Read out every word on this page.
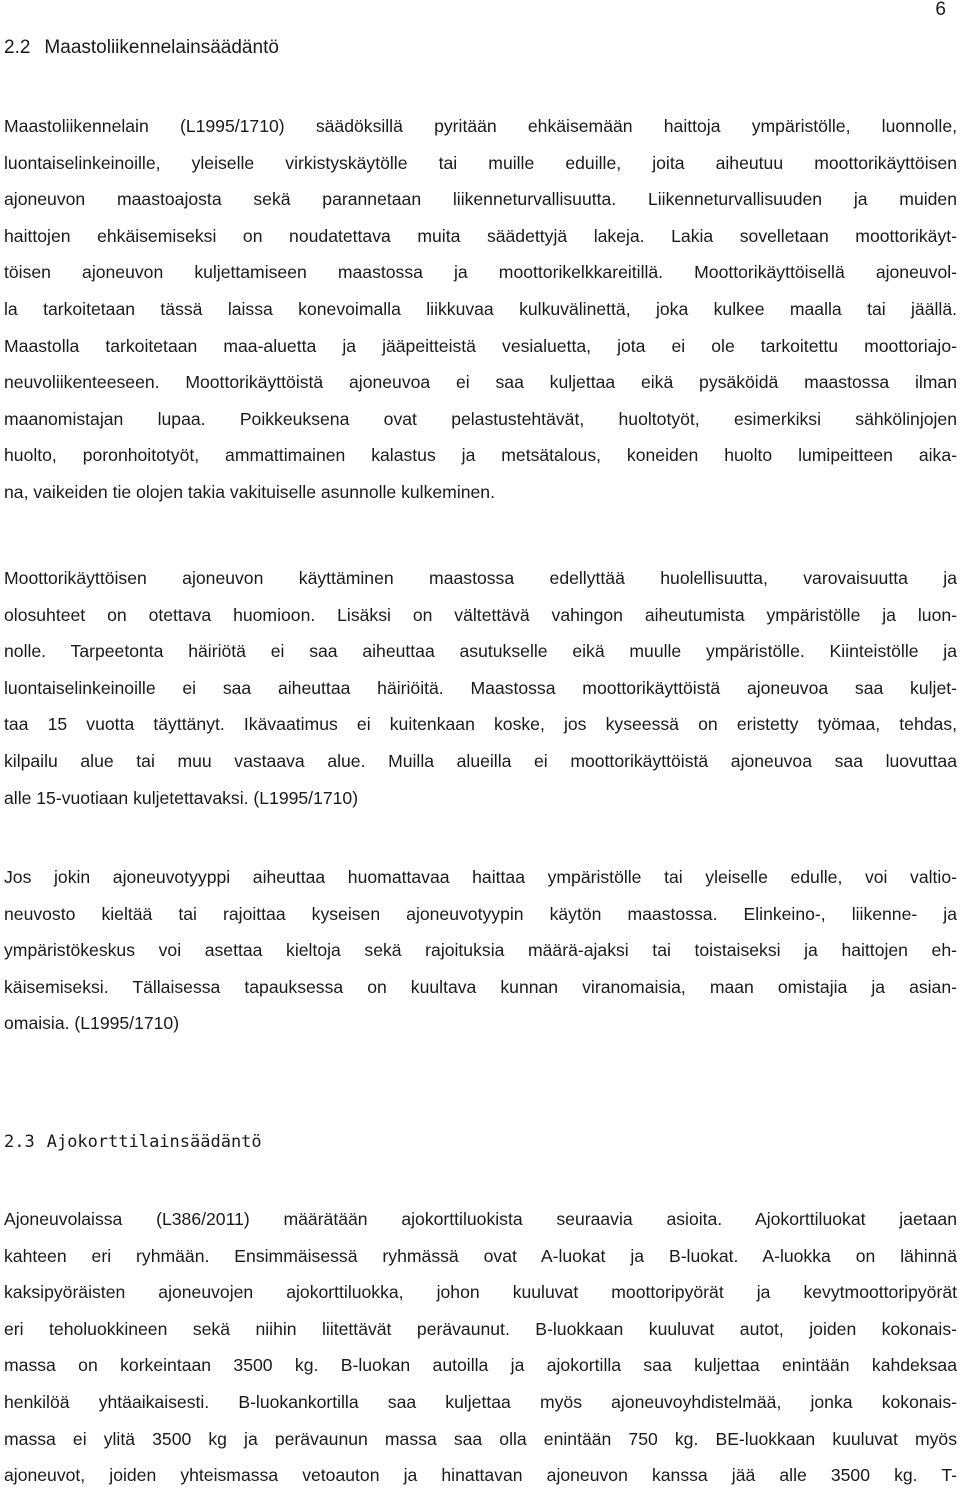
6
2.2 Maastoliikennelainsäädäntö
Maastoliikennelain (L1995/1710) säädöksillä pyritään ehkäisemään haittoja ympäristölle, luonnolle,
luontaiselinkeinoille, yleiselle virkistyskäytölle tai muille eduille, joita aiheutuu moottorikäyttöisen
ajoneuvon maastoajosta sekä parannetaan liikenneturvallisuutta. Liikenneturvallisuuden ja muiden
haittojen ehkäisemiseksi on noudatettava muita säädettyjä lakeja. Lakia sovelletaan moottorikäyt-
töisen ajoneuvon kuljettamiseen maastossa ja moottorikelkkareitillä. Moottorikäyttöisellä ajoneuvol-
la tarkoitetaan tässä laissa konevoimalla liikkuvaa kulkuvälinettä, joka kulkee maalla tai jäällä.
Maastolla tarkoitetaan maa-aluetta ja jääpeitteistä vesialuetta, jota ei ole tarkoitettu moottoriajo-
neuvoliikenteeseen. Moottorikäyttöistä ajoneuvoa ei saa kuljettaa eikä pysäköidä maastossa ilman
maanomistajan lupaa. Poikkeuksena ovat pelastustehtävät, huoltotyöt, esimerkiksi sähkölinjojen
huolto, poronhoitotyöt, ammattimainen kalastus ja metsätalous, koneiden huolto lumipeitteen aika-
na, vaikeiden tie olojen takia vakituiselle asunnolle kulkeminen.
Moottorikäyttöisen ajoneuvon käyttäminen maastossa edellyttää huolellisuutta, varovaisuutta ja
olosuhteet on otettava huomioon. Lisäksi on vältettävä vahingon aiheutumista ympäristölle ja luon-
nolle. Tarpeetonta häiriötä ei saa aiheuttaa asutukselle eikä muulle ympäristölle. Kiinteistölle ja
luontaiselinkeinoille ei saa aiheuttaa häiriöitä. Maastossa moottorikäyttöistä ajoneuvoa saa kuljet-
taa 15 vuotta täyttänyt. Ikävaatimus ei kuitenkaan koske, jos kyseessä on eristetty työmaa, tehdas,
kilpailu alue tai muu vastaava alue. Muilla alueilla ei moottorikäyttöistä ajoneuvoa saa luovuttaa
alle 15-vuotiaan kuljetettavaksi. (L1995/1710)
Jos jokin ajoneuvotyyppi aiheuttaa huomattavaa haittaa ympäristölle tai yleiselle edulle, voi valtio-
neuvosto kieltää tai rajoittaa kyseisen ajoneuvotyypin käytön maastossa. Elinkeino-, liikenne- ja
ympäristökeskus voi asettaa kieltoja sekä rajoituksia määrä-ajaksi tai toistaiseksi ja haittojen eh-
käisemiseksi. Tällaisessa tapauksessa on kuultava kunnan viranomaisia, maan omistajia ja asian-
omaisia. (L1995/1710)
2.3 Ajokorttilainsäädäntö
Ajoneuvolaissa (L386/2011) määrätään ajokorttiluokista seuraavia asioita. Ajokorttiluokat jaetaan
kahteen eri ryhmään. Ensimmäisessä ryhmässä ovat A-luokat ja B-luokat. A-luokka on lähinnä
kaksipyöräisten ajoneuvojen ajokorttiluokka, johon kuuluvat moottoripyörät ja kevytmoottoripyörät
eri teholuokkineen sekä niihin liitettävät perävaunut. B-luokkaan kuuluvat autot, joiden kokonais-
massa on korkeintaan 3500 kg. B-luokan autoilla ja ajokortilla saa kuljettaa enintään kahdeksaa
henkilöä yhtäaikaisesti. B-luokankortilla saa kuljettaa myös ajoneuvoyhdistelmää, jonka kokonais-
massa ei ylitä 3500 kg ja perävaunun massa saa olla enintään 750 kg. BE-luokkaan kuuluvat myös
ajoneuvot, joiden yhteismassa vetoauton ja hinattavan ajoneuvon kanssa jää alle 3500 kg. T-
